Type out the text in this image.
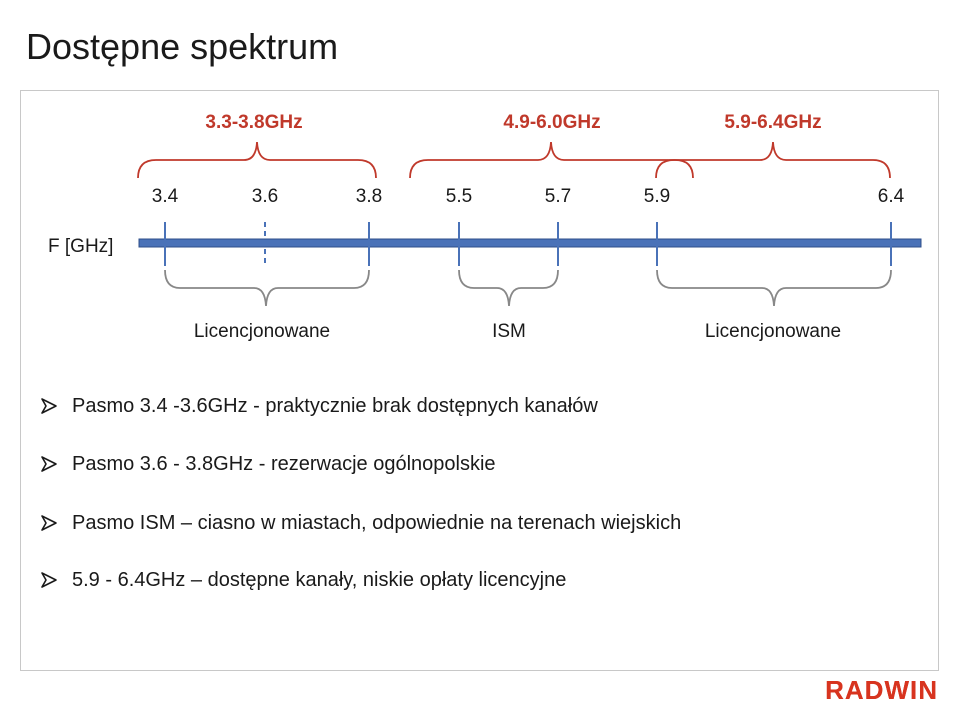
Dostępne spektrum
3.3-3.8GHz	4.9-6.0GHz	5.9-6.4GHz
3.4	3.6	3.8	5.5	5.7	5.9	6.4
F [GHz]
Licencjonowane	ISM	Licencjonowane
Pasmo 3.4 -3.6GHz - praktycznie brak dostępnych kanałów
Pasmo 3.6 - 3.8GHz - rezerwacje ogólnopolskie
Pasmo ISM – ciasno w miastach, odpowiednie na terenach wiejskich
5.9 - 6.4GHz – dostępne kanały, niskie opłaty licencyjne
RADWIN
